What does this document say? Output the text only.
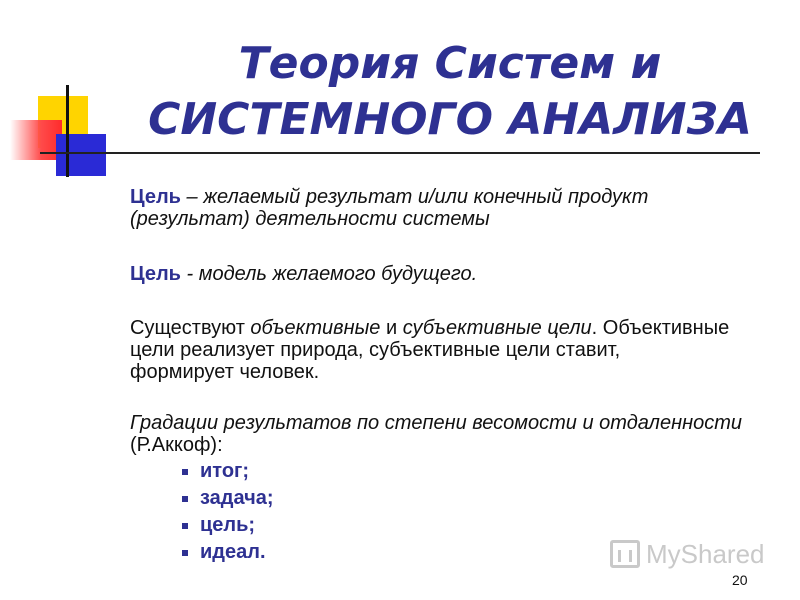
Теория Систем и
СИСТЕМНОГО АНАЛИЗА
Цель – желаемый результат и/или конечный продукт
(результат) деятельности системы
Цель - модель желаемого будущего.
Существуют объективные и субъективные цели. Объективные
цели реализует природа, субъективные цели ставит,
формирует человек.
Градации результатов по степени весомости и отдаленности
(Р.Аккоф):
итог;
задача;
цель;
идеал.	MyShared
20
